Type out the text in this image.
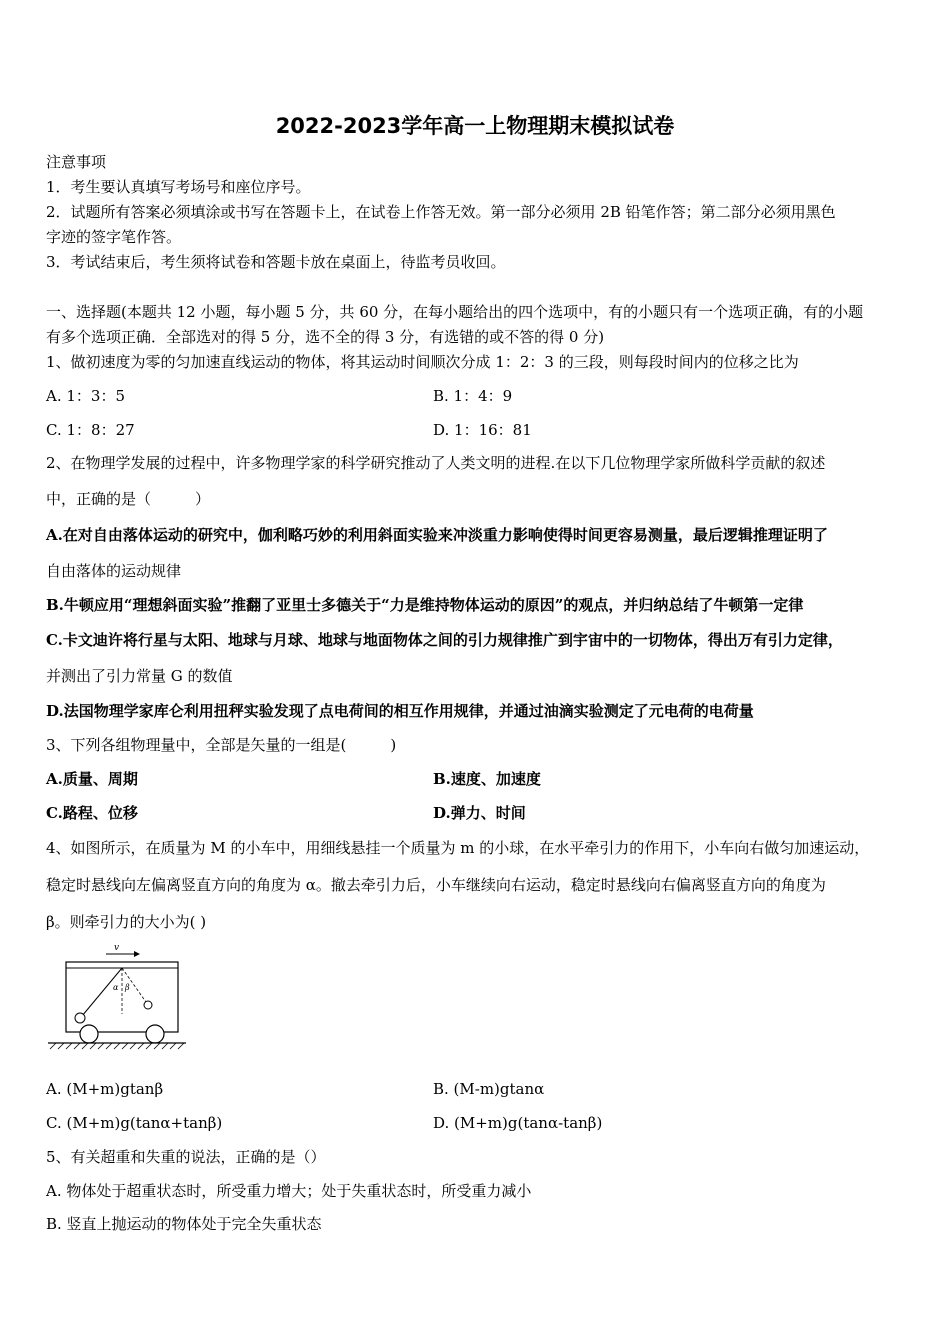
2022-2023学年高一上物理期末模拟试卷
注意事项
1．考生要认真填写考场号和座位序号。
2．试题所有答案必须填涂或书写在答题卡上，在试卷上作答无效。第一部分必须用 2B 铅笔作答；第二部分必须用黑色
字迹的签字笔作答。
3．考试结束后，考生须将试卷和答题卡放在桌面上，待监考员收回。
一、选择题(本题共 12 小题，每小题 5 分，共 60 分，在每小题给出的四个选项中，有的小题只有一个选项正确，有的小题
有多个选项正确．全部选对的得 5 分，选不全的得 3 分，有选错的或不答的得 0 分)
1、做初速度为零的匀加速直线运动的物体，将其运动时间顺次分成 1：2：3 的三段，则每段时间内的位移之比为
A. 1：3：5	B. 1：4：9
C. 1：8：27	D. 1：16：81
2、在物理学发展的过程中，许多物理学家的科学研究推动了人类文明的进程.在以下几位物理学家所做科学贡献的叙述
中，正确的是（	）
A.在对自由落体运动的研究中，伽利略巧妙的利用斜面实验来冲淡重力影响使得时间更容易测量，最后逻辑推理证明了
自由落体的运动规律
B.牛顿应用“理想斜面实验”推翻了亚里士多德关于“力是维持物体运动的原因”的观点，并归纳总结了牛顿第一定律
C.卡文迪许将行星与太阳、地球与月球、地球与地面物体之间的引力规律推广到宇宙中的一切物体，得出万有引力定律，
并测出了引力常量 G 的数值
D.法国物理学家库仑利用扭秤实验发现了点电荷间的相互作用规律，并通过油滴实验测定了元电荷的电荷量
3、下列各组物理量中，全部是矢量的一组是(	)
A.质量、周期	B.速度、加速度
C.路程、位移	D.弹力、时间
4、如图所示，在质量为 M 的小车中，用细线悬挂一个质量为 m 的小球，在水平牵引力的作用下，小车向右做匀加速运动，
稳定时悬线向左偏离竖直方向的角度为 α。撤去牵引力后，小车继续向右运动，稳定时悬线向右偏离竖直方向的角度为
β。则牵引力的大小为( )
v
α β
A. (M+m)gtanβ	B. (M-m)gtanα
C. (M+m)g(tanα+tanβ)	D. (M+m)g(tanα-tanβ)
5、有关超重和失重的说法，正确的是（）
A. 物体处于超重状态时，所受重力增大；处于失重状态时，所受重力减小
B. 竖直上抛运动的物体处于完全失重状态
